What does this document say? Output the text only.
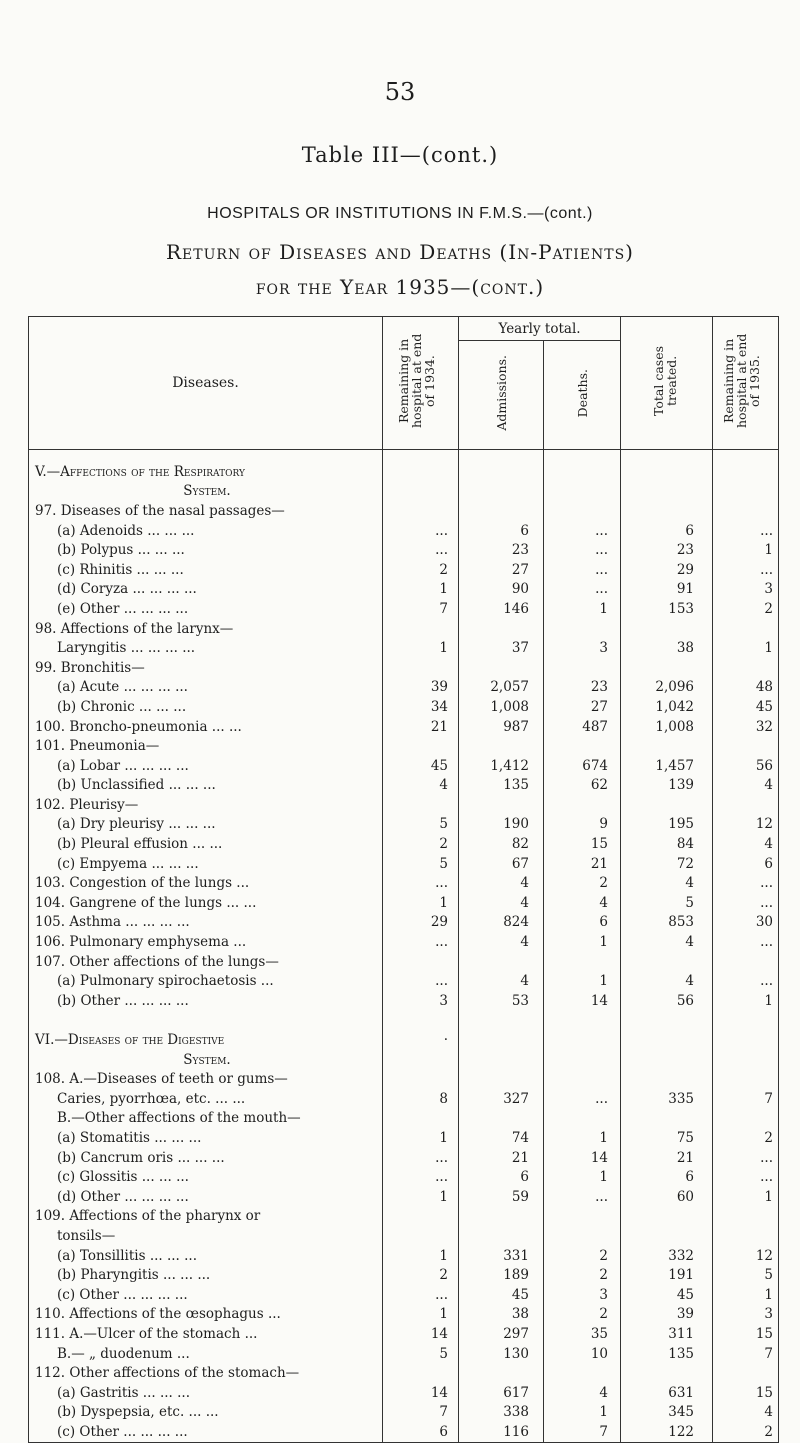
53
Table III—(cont.)
HOSPITALS OR INSTITUTIONS IN F.M.S.—(cont.)
Return of Diseases and Deaths (In-Patients)
for the Year 1935—(cont.)
Diseases.	Remaining in hospital at end of 1934.	Yearly total.		Total cases treated.	Remaining in hospital at end of 1935.
		Admissions.	Deaths.		

V.—Affections of the Respiratory					
System.					
97. Diseases of the nasal passages—					
(a) Adenoids ... ... ...	...	6	...	6	...
(b) Polypus ... ... ...	...	23	...	23	1
(c) Rhinitis ... ... ...	2	27	...	29	...
(d) Coryza ... ... ... ...	1	90	...	91	3
(e) Other ... ... ... ...	7	146	1	153	2
98. Affections of the larynx—					
Laryngitis ... ... ... ...	1	37	3	38	1
99. Bronchitis—					
(a) Acute ... ... ... ...	39	2,057	23	2,096	48
(b) Chronic ... ... ...	34	1,008	27	1,042	45
100. Broncho-pneumonia ... ...	21	987	487	1,008	32
101. Pneumonia—					
(a) Lobar ... ... ... ...	45	1,412	674	1,457	56
(b) Unclassified ... ... ...	4	135	62	139	4
102. Pleurisy—					
(a) Dry pleurisy ... ... ...	5	190	9	195	12
(b) Pleural effusion ... ...	2	82	15	84	4
(c) Empyema ... ... ...	5	67	21	72	6
103. Congestion of the lungs ...	...	4	2	4	...
104. Gangrene of the lungs ... ...	1	4	4	5	...
105. Asthma ... ... ... ...	29	824	6	853	30
106. Pulmonary emphysema ...	...	4	1	4	...
107. Other affections of the lungs—					
(a) Pulmonary spirochaetosis ...	...	4	1	4	...
(b) Other ... ... ... ...	3	53	14	56	1

VI.—Diseases of the Digestive	·				
System.					
108. A.—Diseases of teeth or gums—					
Caries, pyorrhœa, etc. ... ...	8	327	...	335	7
B.—Other affections of the mouth—					
(a) Stomatitis ... ... ...	1	74	1	75	2
(b) Cancrum oris ... ... ...	...	21	14	21	...
(c) Glossitis ... ... ...	...	6	1	6	...
(d) Other ... ... ... ...	1	59	...	60	1
109. Affections of the pharynx or					
tonsils—					
(a) Tonsillitis ... ... ...	1	331	2	332	12
(b) Pharyngitis ... ... ...	2	189	2	191	5
(c) Other ... ... ... ...	...	45	3	45	1
110. Affections of the œsophagus ...	1	38	2	39	3
111. A.—Ulcer of the stomach ...	14	297	35	311	15
B.— „ duodenum ...	5	130	10	135	7
112. Other affections of the stomach—					
(a) Gastritis ... ... ...	14	617	4	631	15
(b) Dyspepsia, etc. ... ...	7	338	1	345	4
(c) Other ... ... ... ...	6	116	7	122	2
